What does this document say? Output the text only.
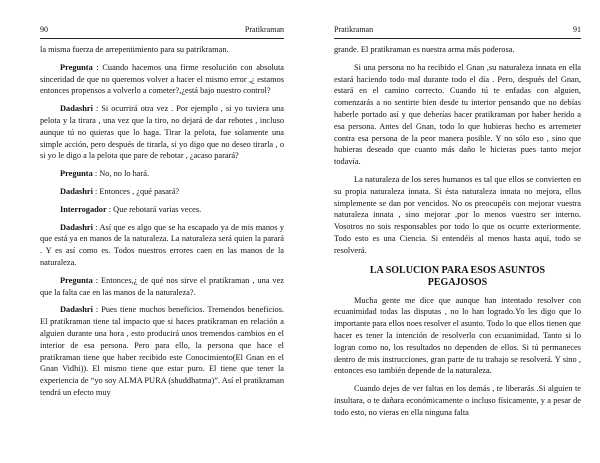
90	Pratikraman

la misma fuerza de arrepentimiento para su patrikraman.

Pregunta : Cuando hacemos una firme resolución con absoluta sinceridad de que no queremos volver a hacer el mismo error ,¿ estamos entonces propensos a volverlo a cometer?,¿está bajo nuestro control?

Dadashri : Si ocurrirá otra vez . Por ejemplo , si yo tuviera una pelota y la tirara , una vez que la tiro, no dejará de dar rebotes , incluso aunque tú no quieras que lo haga. Tirar la pelota, fue solamente una simple acción, pero después de tirarla, si yo digo que no deseo tirarla , o si yo le digo a la pelota que pare de rebotar , ¿acaso parará?

Pregunta : No, no lo hará.

Dadashri : Entonces , ¿qué pasará?

Interrogador : Que rebotará varias veces.

Dadashri : Así que es algo que se ha escapado ya de mis manos y que está ya en manos de la naturaleza. La naturaleza será quien la parará . Y es así como es. Todos nuestros errores caen en las manos de la naturaleza.

Pregunta : Entonces,¿ de qué nos sirve el pratikraman , una vez que la falta cae en las manos de la naturaleza?.

Dadashri : Pues tiene muchos beneficios. Tremendos beneficios. El pratikraman tiene tal impacto que si haces pratikraman en relación a alguien durante una hora , esto producirá unos tremendos cambios en el interior de esa persona. Pero para ello, la persona que hace el pratikraman tiene que haber recibido este Conocimiento(El Gnan en el Gnan Vidhi)). El mismo tiene que estar puro. El tiene que tener la experiencia de “yo soy ALMA PURA (shuddhatma)”. Así el pratikraman tendrá un efecto muy

Pratikraman	91

grande. El pratikraman es nuestra arma más poderosa.

Si una persona no ha recibido el Gnan ,su naturaleza innata en ella estará haciendo todo mal durante todo el día . Pero, después del Gnan, estará en el camino correcto. Cuando tú te enfadas con alguien, comenzarás a no sentirte bien desde tu interior pensando que no debías haberle portado así y que deberías hacer pratikraman por haber herido a esa persona. Antes del Gnan, todo lo que hubieras hecho es arremeter contra esa persona de la peor manera posible. Y no sólo eso , sino que hubieras deseado que cuanto más daño le hicieras pues tanto mejor todavía.

La naturaleza de los seres humanos es tal que ellos se convierten en su propia naturaleza innata. Si ésta naturaleza innata no mejora, ellos simplemente se dan por vencidos. No os preocupéis con mejorar vuestra naturaleza innata , sino mejorar ,por lo menos vuestro ser interno. Vosotros no sois responsables por todo lo que os ocurre exteriormente. Todo esto es una Ciencia. Si entendéis al menos hasta aquí, todo se resolverá.

LA SOLUCION PARA ESOS ASUNTOS
PEGAJOSOS

Mucha gente me dice que aunque han intentado resolver con ecuanimidad todas las disputas , no lo han logrado.Yo les digo que lo importante para ellos noes resolver el asunto. Todo lo que ellos tienen que hacer es tener la intención de resolverlo con ecuanimidad. Tanto si lo logran como no, los resultados no dependen de ellos. Si tú permaneces dentro de mis instrucciones, gran parte de tu trabajo se resolverá. Y sino , entonces eso también depende de la naturaleza.

Cuando dejes de ver faltas en los demás , te liberarás .Si alguien te insultara, o te dañara económicamente o incluso físicamente, y a pesar de todo esto, no vieras en ella ninguna falta
